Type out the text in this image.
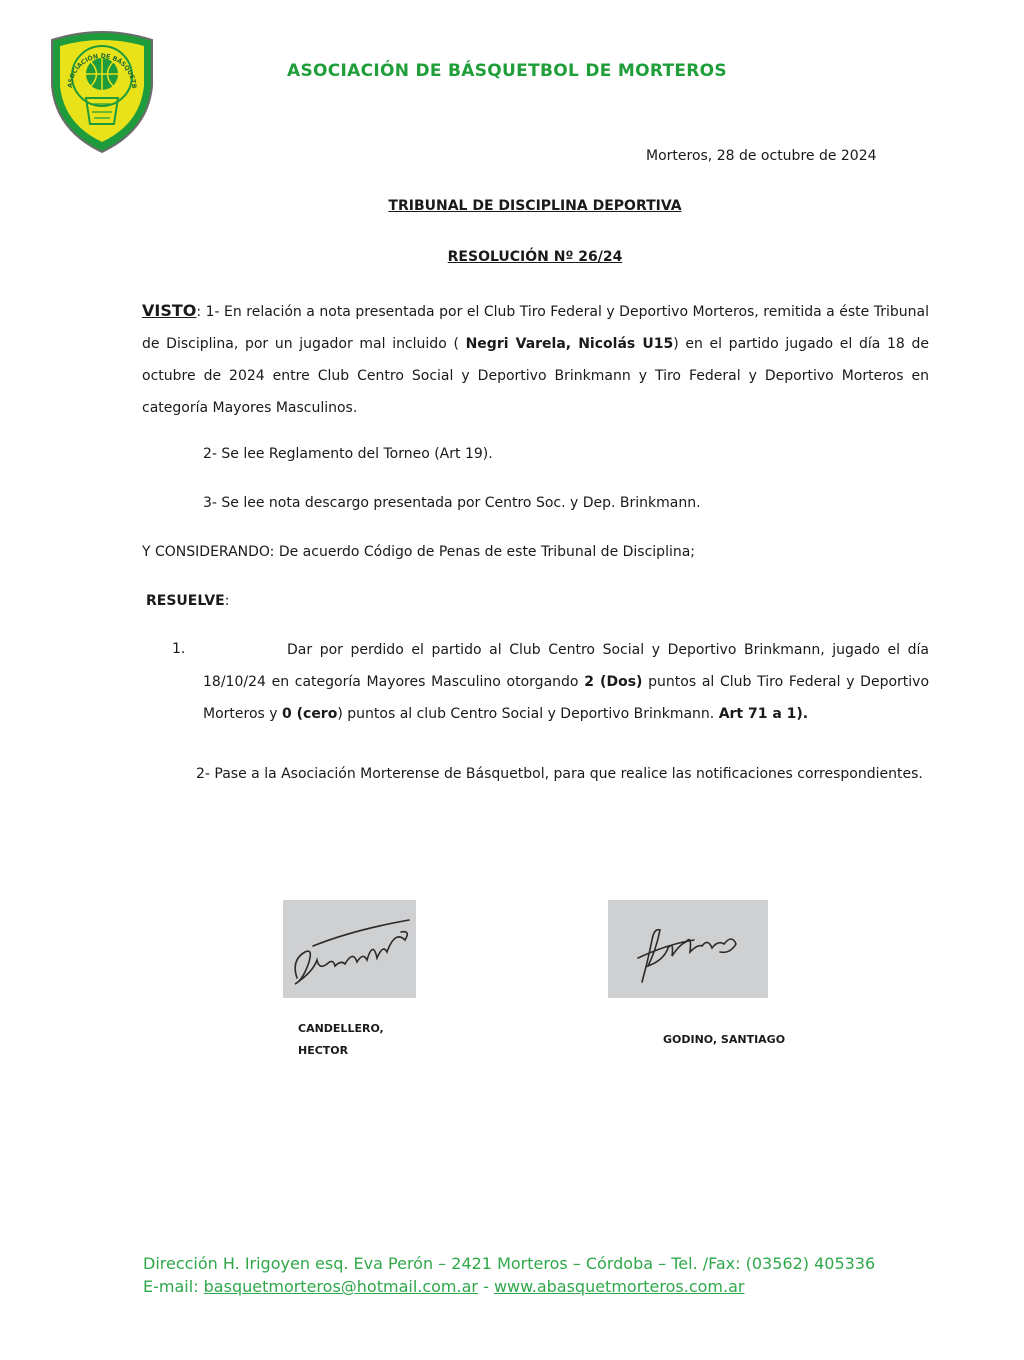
ASOCIACIÓN DE BÁSQUETB
ASOCIACIÓN DE BÁSQUETBOL DE MORTEROS
Morteros, 28 de octubre de 2024
TRIBUNAL DE DISCIPLINA DEPORTIVA
RESOLUCIÓN Nº 26/24

VISTO: 1- En relación a nota presentada por el Club Tiro Federal y Deportivo Morteros, remitida a éste Tribunal de Disciplina, por un jugador mal incluido ( Negri Varela, Nicolás U15) en el partido jugado el día 18 de octubre de 2024 entre Club Centro Social y Deportivo Brinkmann y Tiro Federal y Deportivo Morteros en categoría Mayores Masculinos.

2- Se lee Reglamento del Torneo (Art 19).
3- Se lee nota descargo presentada por Centro Soc. y Dep. Brinkmann.
Y CONSIDERANDO: De acuerdo Código de Penas de este Tribunal de Disciplina;
RESUELVE:
1.	Dar por perdido el partido al Club Centro Social y Deportivo Brinkmann, jugado el día 18/10/24 en categoría Mayores Masculino otorgando 2 (Dos) puntos al Club Tiro Federal y Deportivo Morteros y 0 (cero) puntos al club Centro Social y Deportivo Brinkmann. Art 71 a 1).

2- Pase a la Asociación Morterense de Básquetbol, para que realice las notificaciones correspondientes.
CANDELLERO,
HECTOR
GODINO, SANTIAGO
Dirección H. Irigoyen esq. Eva Perón – 2421 Morteros – Córdoba – Tel. /Fax: (03562) 405336
E-mail: basquetmorteros@hotmail.com.ar - www.abasquetmorteros.com.ar
